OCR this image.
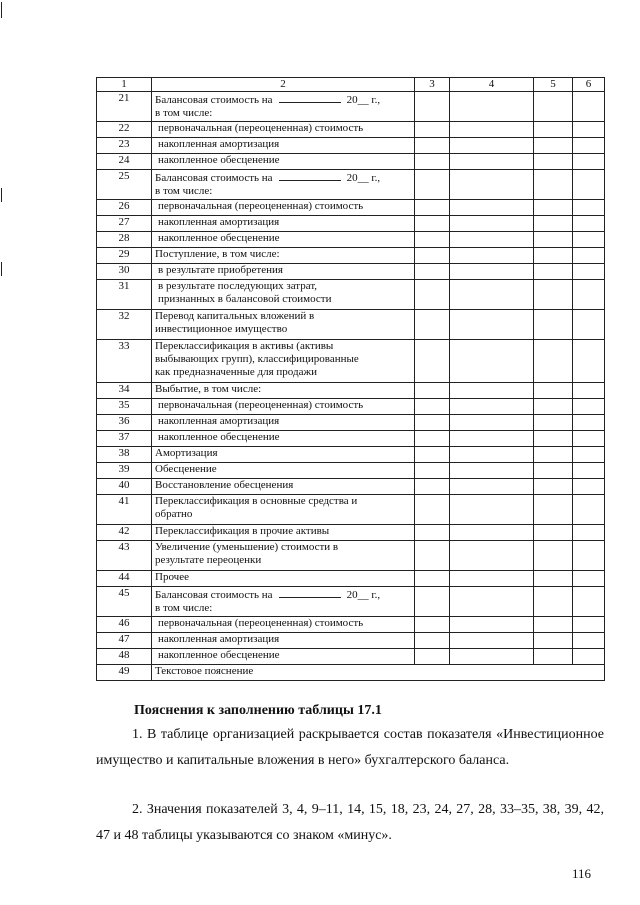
1	2	3	4	5	6
21	Балансовая стоимость на 20__ г.,
в том числе:				

22	первоначальная (переоцененная) стоимость				

23	накопленная амортизация				

24	накопленное обесценение				

25	Балансовая стоимость на 20__ г.,
в том числе:				

26	первоначальная (переоцененная) стоимость				

27	накопленная амортизация				

28	накопленное обесценение				

29	Поступление, в том числе:				

30	в результате приобретения				

31	в результате последующих затрат,
признанных в балансовой стоимости				

32	Перевод капитальных вложений в
инвестиционное имущество				

33	Переклассификация в активы (активы
выбывающих групп), классифицированные
как предназначенные для продажи				

34	Выбытие, в том числе:				

35	первоначальная (переоцененная) стоимость				

36	накопленная амортизация				

37	накопленное обесценение				

38	Амортизация				

39	Обесценение				

40	Восстановление обесценения				

41	Переклассификация в основные средства и
обратно				

42	Переклассификация в прочие активы				

43	Увеличение (уменьшение) стоимости в
результате переоценки				

44	Прочее				

45	Балансовая стоимость на 20__ г.,
в том числе:				

46	первоначальная (переоцененная) стоимость				

47	накопленная амортизация				

48	накопленное обесценение				

49	Текстовое пояснение				
Пояснения к заполнению таблицы 17.1
1. В таблице организацией раскрывается состав показателя «Инвестиционное имущество и капитальные вложения в него» бухгалтерского баланса.
2. Значения показателей 3, 4, 9–11, 14, 15, 18, 23, 24, 27, 28, 33–35, 38, 39, 42, 47 и 48 таблицы указываются со знаком «минус».
116
